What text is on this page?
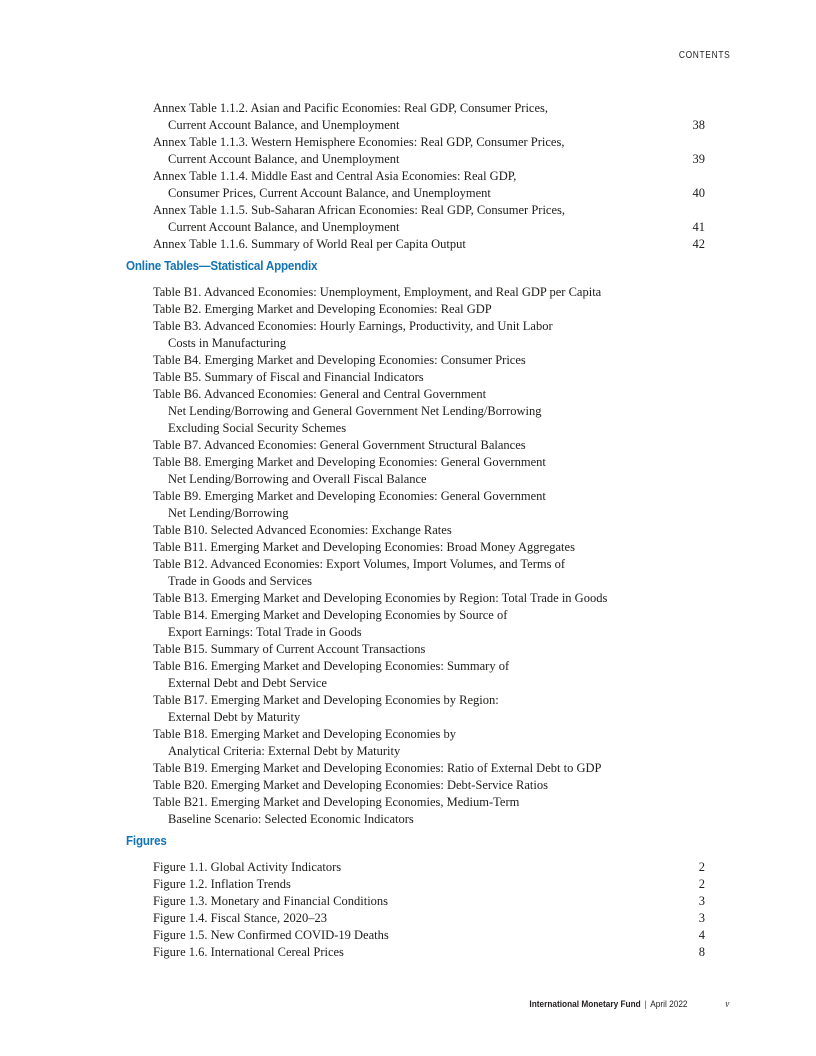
CONTENTS
Annex Table 1.1.2. Asian and Pacific Economies: Real GDP, Consumer Prices,
Current Account Balance, and Unemployment	38
Annex Table 1.1.3. Western Hemisphere Economies: Real GDP, Consumer Prices,
Current Account Balance, and Unemployment	39
Annex Table 1.1.4. Middle East and Central Asia Economies: Real GDP,
Consumer Prices, Current Account Balance, and Unemployment	40
Annex Table 1.1.5. Sub-Saharan African Economies: Real GDP, Consumer Prices,
Current Account Balance, and Unemployment	41
Annex Table 1.1.6. Summary of World Real per Capita Output	42
Online Tables—Statistical Appendix
Table B1. Advanced Economies: Unemployment, Employment, and Real GDP per Capita
Table B2. Emerging Market and Developing Economies: Real GDP
Table B3. Advanced Economies: Hourly Earnings, Productivity, and Unit Labor
Costs in Manufacturing
Table B4. Emerging Market and Developing Economies: Consumer Prices
Table B5. Summary of Fiscal and Financial Indicators
Table B6. Advanced Economies: General and Central Government
Net Lending/Borrowing and General Government Net Lending/Borrowing
Excluding Social Security Schemes
Table B7. Advanced Economies: General Government Structural Balances
Table B8. Emerging Market and Developing Economies: General Government
Net Lending/Borrowing and Overall Fiscal Balance
Table B9. Emerging Market and Developing Economies: General Government
Net Lending/Borrowing
Table B10. Selected Advanced Economies: Exchange Rates
Table B11. Emerging Market and Developing Economies: Broad Money Aggregates
Table B12. Advanced Economies: Export Volumes, Import Volumes, and Terms of
Trade in Goods and Services
Table B13. Emerging Market and Developing Economies by Region: Total Trade in Goods
Table B14. Emerging Market and Developing Economies by Source of
Export Earnings: Total Trade in Goods
Table B15. Summary of Current Account Transactions
Table B16. Emerging Market and Developing Economies: Summary of
External Debt and Debt Service
Table B17. Emerging Market and Developing Economies by Region:
External Debt by Maturity
Table B18. Emerging Market and Developing Economies by
Analytical Criteria: External Debt by Maturity
Table B19. Emerging Market and Developing Economies: Ratio of External Debt to GDP
Table B20. Emerging Market and Developing Economies: Debt-Service Ratios
Table B21. Emerging Market and Developing Economies, Medium-Term
Baseline Scenario: Selected Economic Indicators
Figures
Figure 1.1. Global Activity Indicators	2
Figure 1.2. Inflation Trends	2
Figure 1.3. Monetary and Financial Conditions	3
Figure 1.4. Fiscal Stance, 2020–23	3
Figure 1.5. New Confirmed COVID-19 Deaths	4
Figure 1.6. International Cereal Prices	8
International Monetary Fund | April 2022	v
